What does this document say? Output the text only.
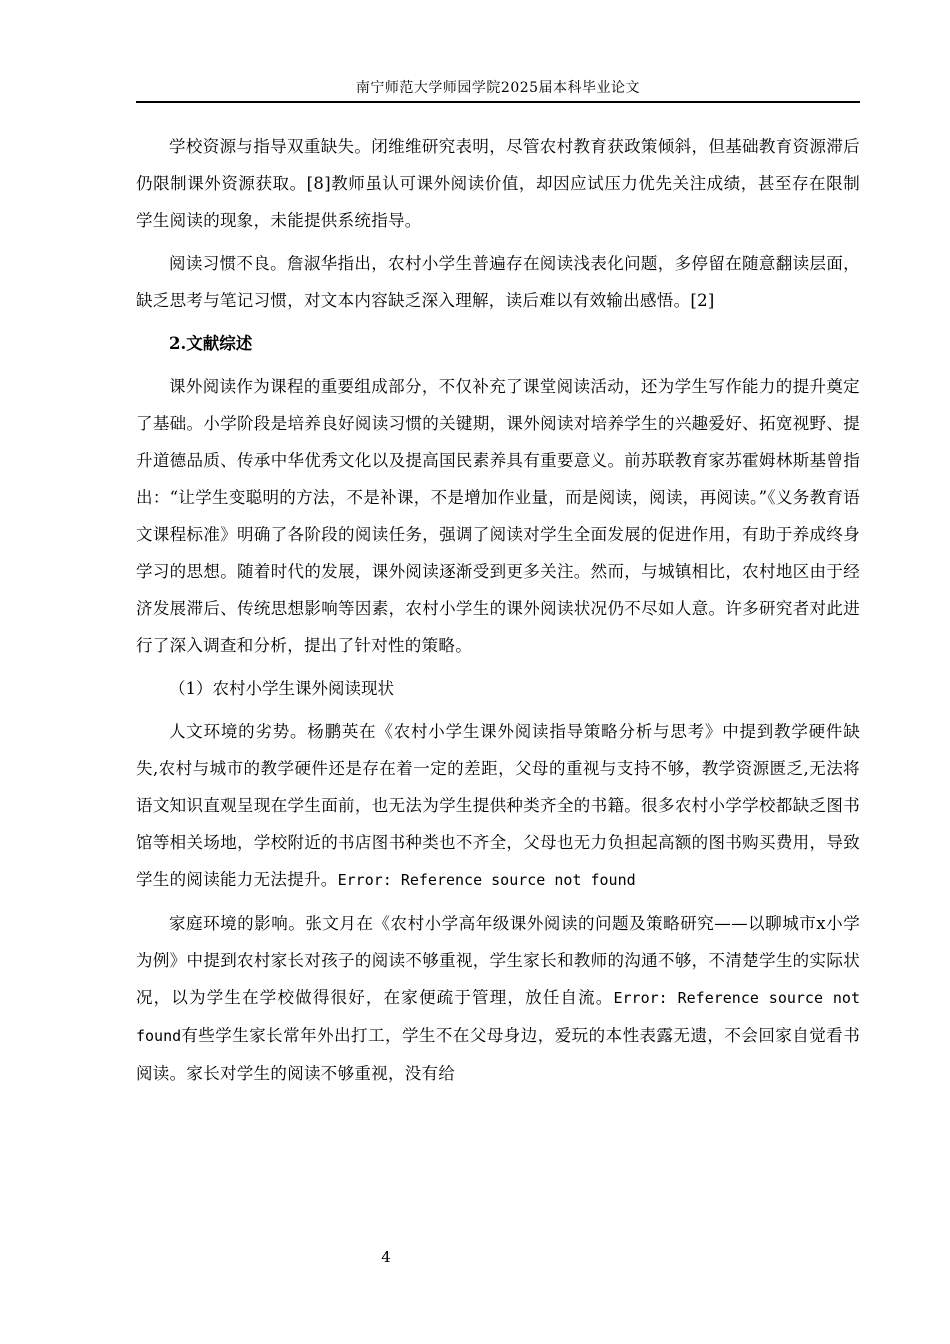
南宁师范大学师园学院2025届本科毕业论文

学校资源与指导双重缺失。闭维维研究表明，尽管农村教育获政策倾斜，但基础教育资源滞后仍限制课外资源获取。[8]教师虽认可课外阅读价值，却因应试压力优先关注成绩，甚至存在限制学生阅读的现象，未能提供系统指导。

阅读习惯不良。詹淑华指出，农村小学生普遍存在阅读浅表化问题，多停留在随意翻读层面，缺乏思考与笔记习惯，对文本内容缺乏深入理解，读后难以有效输出感悟。[2]

2.文献综述

课外阅读作为课程的重要组成部分，不仅补充了课堂阅读活动，还为学生写作能力的提升奠定了基础。小学阶段是培养良好阅读习惯的关键期，课外阅读对培养学生的兴趣爱好、拓宽视野、提升道德品质、传承中华优秀文化以及提高国民素养具有重要意义。前苏联教育家苏霍姆林斯基曾指出：“让学生变聪明的方法，不是补课，不是增加作业量，而是阅读，阅读，再阅读。”《义务教育语文课程标准》明确了各阶段的阅读任务，强调了阅读对学生全面发展的促进作用，有助于养成终身学习的思想。随着时代的发展，课外阅读逐渐受到更多关注。然而，与城镇相比，农村地区由于经济发展滞后、传统思想影响等因素，农村小学生的课外阅读状况仍不尽如人意。许多研究者对此进行了深入调查和分析，提出了针对性的策略。

（1）农村小学生课外阅读现状

人文环境的劣势。杨鹏英在《农村小学生课外阅读指导策略分析与思考》中提到教学硬件缺失,农村与城市的教学硬件还是存在着一定的差距，父母的重视与支持不够，教学资源匮乏,无法将语文知识直观呈现在学生面前，也无法为学生提供种类齐全的书籍。很多农村小学学校都缺乏图书馆等相关场地，学校附近的书店图书种类也不齐全，父母也无力负担起高额的图书购买费用，导致学生的阅读能力无法提升。Error: Reference source not found

家庭环境的影响。张文月在《农村小学高年级课外阅读的问题及策略研究——以聊城市x小学为例》中提到农村家长对孩子的阅读不够重视，学生家长和教师的沟通不够，不清楚学生的实际状况，以为学生在学校做得很好，在家便疏于管理，放任自流。Error: Reference source not found有些学生家长常年外出打工，学生不在父母身边，爱玩的本性表露无遗，不会回家自觉看书阅读。家长对学生的阅读不够重视，没有给

4
